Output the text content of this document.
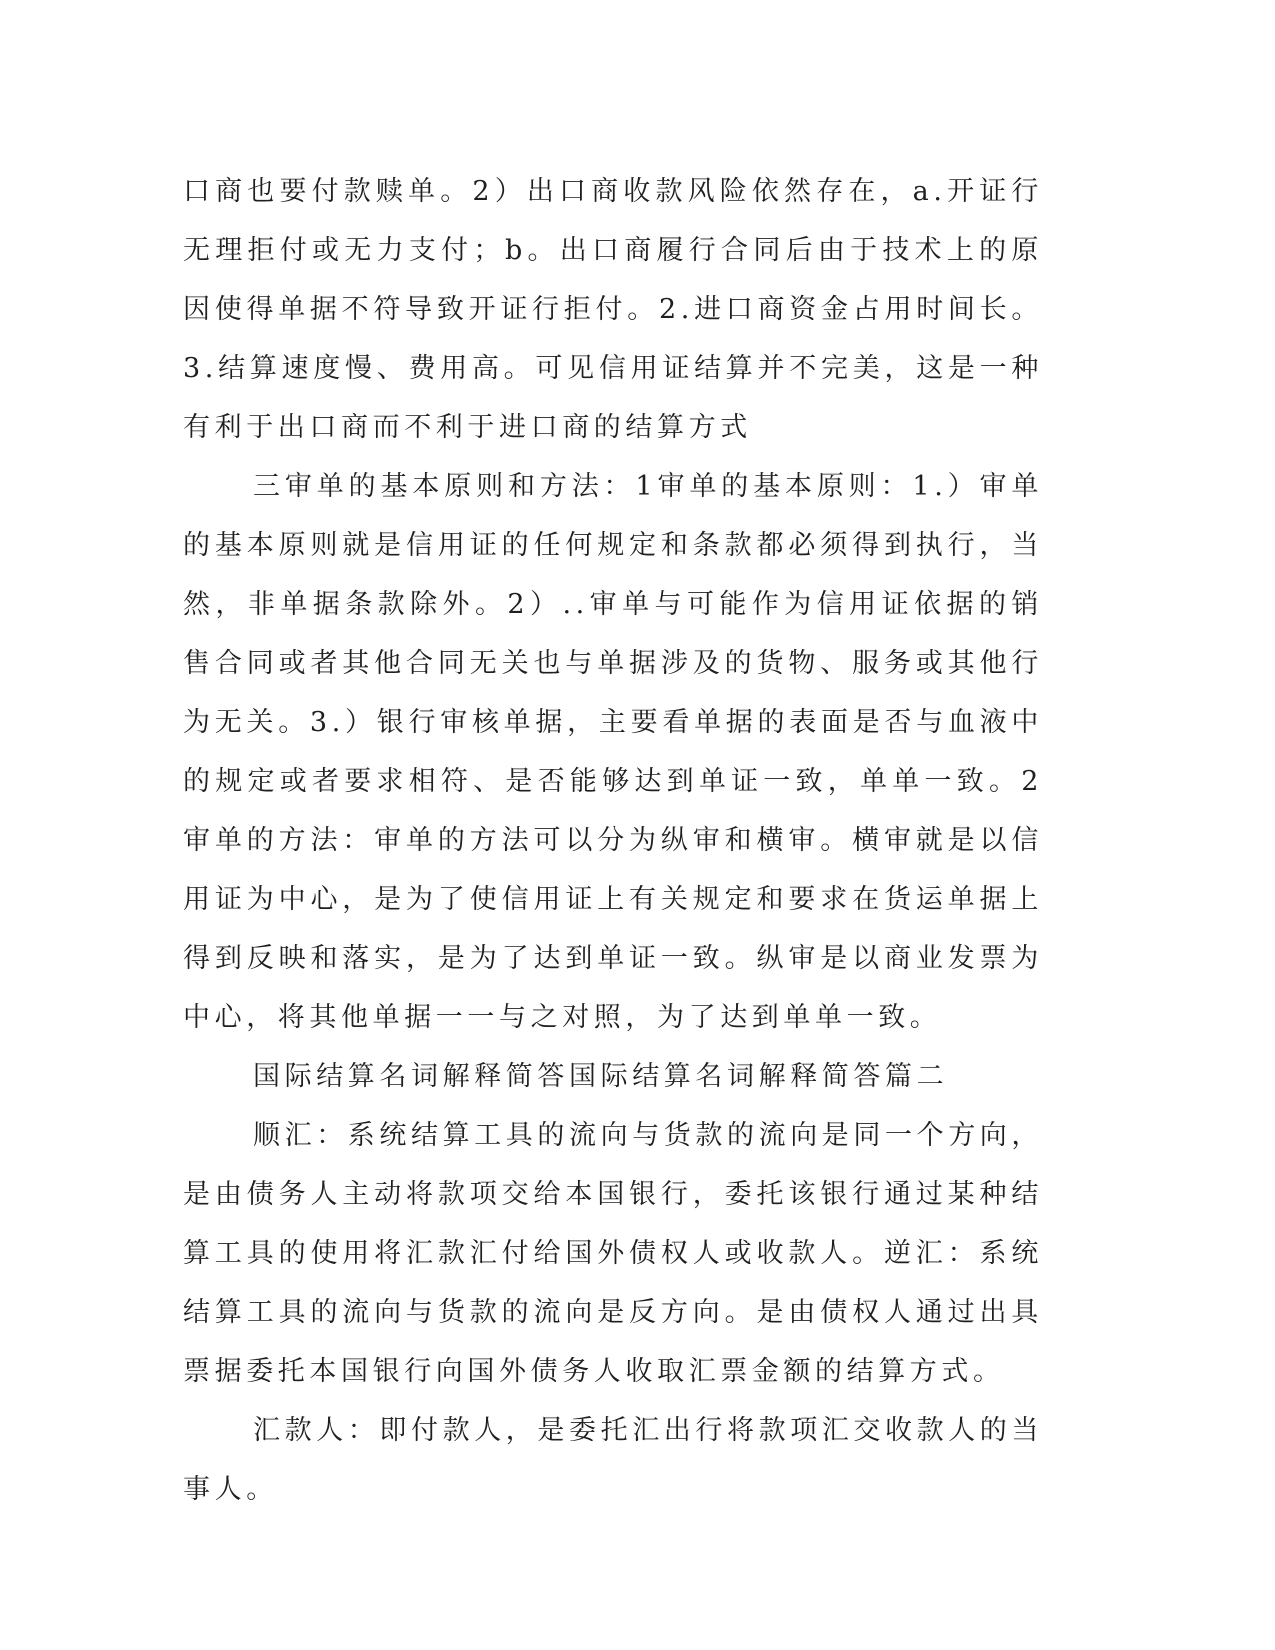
口商也要付款赎单。2）出口商收款风险依然存在，a.开证行无理拒付或无力支付；b。出口商履行合同后由于技术上的原因使得单据不符导致开证行拒付。2.进口商资金占用时间长。3.结算速度慢、费用高。可见信用证结算并不完美，这是一种有利于出口商而不利于进口商的结算方式

三审单的基本原则和方法：1审单的基本原则：1.）审单的基本原则就是信用证的任何规定和条款都必须得到执行，当然，非单据条款除外。2）..审单与可能作为信用证依据的销售合同或者其他合同无关也与单据涉及的货物、服务或其他行为无关。3.）银行审核单据，主要看单据的表面是否与血液中的规定或者要求相符、是否能够达到单证一致，单单一致。2审单的方法：审单的方法可以分为纵审和横审。横审就是以信用证为中心，是为了使信用证上有关规定和要求在货运单据上得到反映和落实，是为了达到单证一致。纵审是以商业发票为中心，将其他单据一一与之对照，为了达到单单一致。

国际结算名词解释简答国际结算名词解释简答篇二

顺汇：系统结算工具的流向与货款的流向是同一个方向，是由债务人主动将款项交给本国银行，委托该银行通过某种结算工具的使用将汇款汇付给国外债权人或收款人。逆汇：系统结算工具的流向与货款的流向是反方向。是由债权人通过出具票据委托本国银行向国外债务人收取汇票金额的结算方式。

汇款人：即付款人，是委托汇出行将款项汇交收款人的当事人。
